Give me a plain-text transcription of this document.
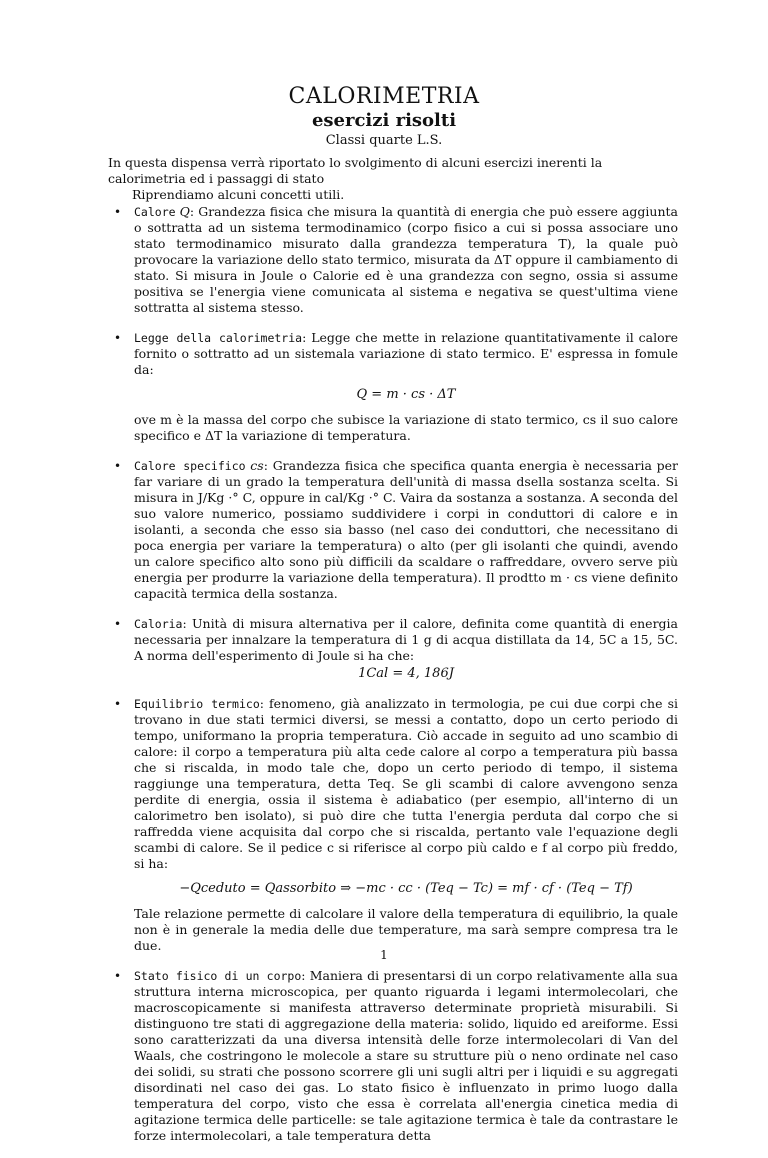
CALORIMETRIA
esercizi risolti
Classi quarte L.S.

In questa dispensa verrà riportato lo svolgimento di alcuni esercizi inerenti la calorimetria ed i passaggi di stato

Riprendiamo alcuni concetti utili.

• Calore Q: Grandezza fisica che misura la quantità di energia che può essere aggiunta o sottratta ad un sistema termodinamico (corpo fisico a cui si possa associare uno stato termodinamico misurato dalla grandezza temperatura T), la quale può provocare la variazione dello stato termico, misurata da ΔT oppure il cambiamento di stato. Si misura in Joule o Calorie ed è una grandezza con segno, ossia si assume positiva se l'energia viene comunicata al sistema e negativa se quest'ultima viene sottratta al sistema stesso.

• Legge della calorimetria: Legge che mette in relazione quantitativamente il calore fornito o sottratto ad un sistemala variazione di stato termico. E' espressa in fomule da:

Q = m · cs · ΔT

ove m è la massa del corpo che subisce la variazione di stato termico, cs il suo calore specifico e ΔT la variazione di temperatura.

• Calore specifico cs: Grandezza fisica che specifica quanta energia è necessaria per far variare di un grado la temperatura dell'unità di massa dsella sostanza scelta. Si misura in J/Kg ·° C, oppure in cal/Kg ·° C. Vaira da sostanza a sostanza. A seconda del suo valore numerico, possiamo suddividere i corpi in conduttori di calore e in isolanti, a seconda che esso sia basso (nel caso dei conduttori, che necessitano di poca energia per variare la temperatura) o alto (per gli isolanti che quindi, avendo un calore specifico alto sono più difficili da scaldare o raffreddare, ovvero serve più energia per produrre la variazione della temperatura). Il prodtto m · cs viene definito capacità termica della sostanza.

• Caloria: Unità di misura alternativa per il calore, definita come quantità di energia necessaria per innalzare la temperatura di 1 g di acqua distillata da 14, 5C a 15, 5C. A norma dell'esperimento di Joule si ha che:

1Cal = 4, 186J
• Equilibrio termico: fenomeno, già analizzato in termologia, pe cui due corpi che si trovano in due stati termici diversi, se messi a contatto, dopo un certo periodo di tempo, uniformano la propria temperatura. Ciò accade in seguito ad uno scambio di calore: il corpo a temperatura più alta cede calore al corpo a temperatura più bassa che si riscalda, in modo tale che, dopo un certo periodo di tempo, il sistema raggiunge una temperatura, detta Teq. Se gli scambi di calore avvengono senza perdite di energia, ossia il sistema è adiabatico (per esempio, all'interno di un calorimetro ben isolato), si può dire che tutta l'energia perduta dal corpo che si raffredda viene acquisita dal corpo che si riscalda, pertanto vale l'equazione degli scambi di calore. Se il pedice c si riferisce al corpo più caldo e f al corpo più freddo, si ha:

−Qceduto = Qassorbito ⇒ −mc · cc · (Teq − Tc) = mf · cf · (Teq − Tf)

Tale relazione permette di calcolare il valore della temperatura di equilibrio, la quale non è in generale la media delle due temperature, ma sarà sempre compresa tra le due.

• Stato fisico di un corpo: Maniera di presentarsi di un corpo relativamente alla sua struttura interna microscopica, per quanto riguarda i legami intermolecolari, che macroscopicamente si manifesta attraverso determinate proprietà misurabili. Si distinguono tre stati di aggregazione della materia: solido, liquido ed areiforme. Essi sono caratterizzati da una diversa intensità delle forze intermolecolari di Van del Waals, che costringono le molecole a stare su strutture più o neno ordinate nel caso dei solidi, su strati che possono scorrere gli uni sugli altri per i liquidi e su aggregati disordinati nel caso dei gas. Lo stato fisico è influenzato in primo luogo dalla temperatura del corpo, visto che essa è correlata all'energia cinetica media di agitazione termica delle particelle: se tale agitazione termica è tale da contrastare le forze intermolecolari, a tale temperatura detta

1
